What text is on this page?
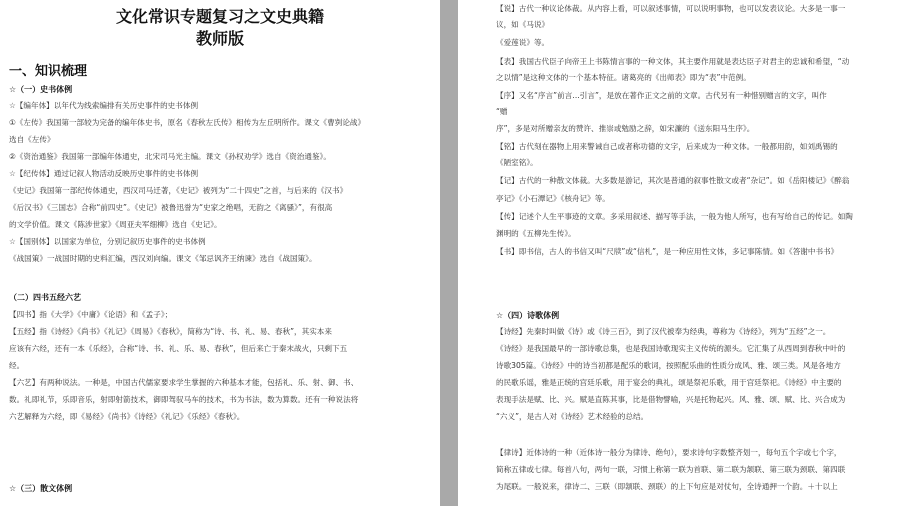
文化常识专题复习之文史典籍
教师版
一、知识梳理
☆（一）史书体例
☆【编年体】以年代为线索编排有关历史事件的史书体例
①《左传》我国第一部较为完备的编年体史书，原名《春秋左氏传》相传为左丘明所作。课文《曹刿论战》
选自《左传》
②《资治通鉴》我国第一部编年体通史，北宋司马光主编。课文《孙权劝学》选自《资治通鉴》。
☆【纪传体】通过记叙人物活动反映历史事件的史书体例
《史记》我国第一部纪传体通史，西汉司马迁著，《史记》被列为“二十四史”之首，与后来的《汉书》
《后汉书》《三国志》合称“前四史”。《史记》被鲁迅誉为“史家之绝唱，无韵之《离骚》”，有很高
的文学价值。课文《陈涉世家》《周亚夫军细柳》选自《史记》。
☆【国别体】以国家为单位，分别记叙历史事件的史书体例
《战国策》一战国时期的史料汇编，西汉刘向编。课文《邹忌讽齐王纳谏》选自《战国策》。
（二）四书五经六艺
【四书】指《大学》《中庸》《论语》和《孟子》；
【五经】指《诗经》《尚书》《礼记》《周易》《春秋》，简称为“诗、书、礼、易、春秋”，其实本来
应该有六经，还有一本《乐经》，合称“诗、书、礼、乐、易、春秋”，但后来亡于秦末战火，只剩下五
经。
【六艺】有两种说法。一种是，中国古代儒家要求学生掌握的六种基本才能，包括礼、乐、射、御、书、
数。礼即礼节，乐即音乐，射即射箭技术，御即驾驭马车的技术，书为书法，数为算数。还有一种说法将
六艺解释为六经，即《易经》《尚书》《诗经》《礼记》《乐经》《春秋》。
☆（三）散文体例
【说】古代一种议论体裁。从内容上看，可以叙述事情，可以说明事物，也可以发表议论。大多是一事一
议，如《马说》
《爱莲说》等。
【表】我国古代臣子向帝王上书陈情言事的一种文体，其主要作用就是表达臣子对君主的忠诚和希望，“动
之以情”是这种文体的一个基本特征。诸葛亮的《出师表》即为“表”中范例。
【序】又名“序言”前言…引言”，是放在著作正文之前的文章。古代另有一种惜别赠言的文字，叫作
“赠
序”，多是对所赠亲友的赞许、推崇或勉励之辞，如宋濂的《送东阳马生序》。
【铭】古代刻在器物上用来警诫自己或者称功德的文字，后来成为一种文体。一般都用韵，如刘禹锡的
《陋室铭》。
【记】古代的一种散文体裁。大多数是游记，其次是普通的叙事性散文或者“杂记”。如《岳阳楼记》《醉翁
亭记》《小石潭记》《核舟记》等。
【传】记述个人生平事迹的文章。多采用叙述、描写等手法，一般为他人所写，也有写给自己的传记。如陶
渊明的《五柳先生传》。
【书】即书信，古人的书信又叫“尺牍”或“信札”，是一种应用性文体，多记事陈情。如《答谢中书书》
☆（四）诗歌体例
【诗经】先秦时叫做《诗》或《诗三百》，到了汉代被奉为经典，尊称为《诗经》，列为“五经”之一。
《诗经》是我国最早的一部诗歌总集，也是我国诗歌现实主义传统的源头。它汇集了从西周到春秋中叶的
诗歌305篇。《诗经》中的诗当初都是配乐的歌词，按照配乐曲的性质分成风、雅、颂三类。风是各地方
的民歌乐谣，雅是正统的宫廷乐歌，用于宴会的典礼，颂是祭祀乐歌，用于宫廷祭祀。《诗经》中主要的
表现手法是赋、比、兴。赋是直陈其事，比是借物譬喻，兴是托物起兴。风、雅、颂、赋、比、兴合成为
“六义”，是古人对《诗经》艺术经验的总结。
【律诗】近体诗的一种（近体诗一般分为律诗、绝句），要求诗句字数整齐划一，每句五个字或七个字，
简称五律或七律。每首八句，两句一联，习惯上称第一联为首联、第二联为颔联、第三联为颈联、第四联
为尾联。一般说来，律诗二、三联（即颔联、颈联）的上下句应是对仗句，全诗通押一个韵。＋十以上
